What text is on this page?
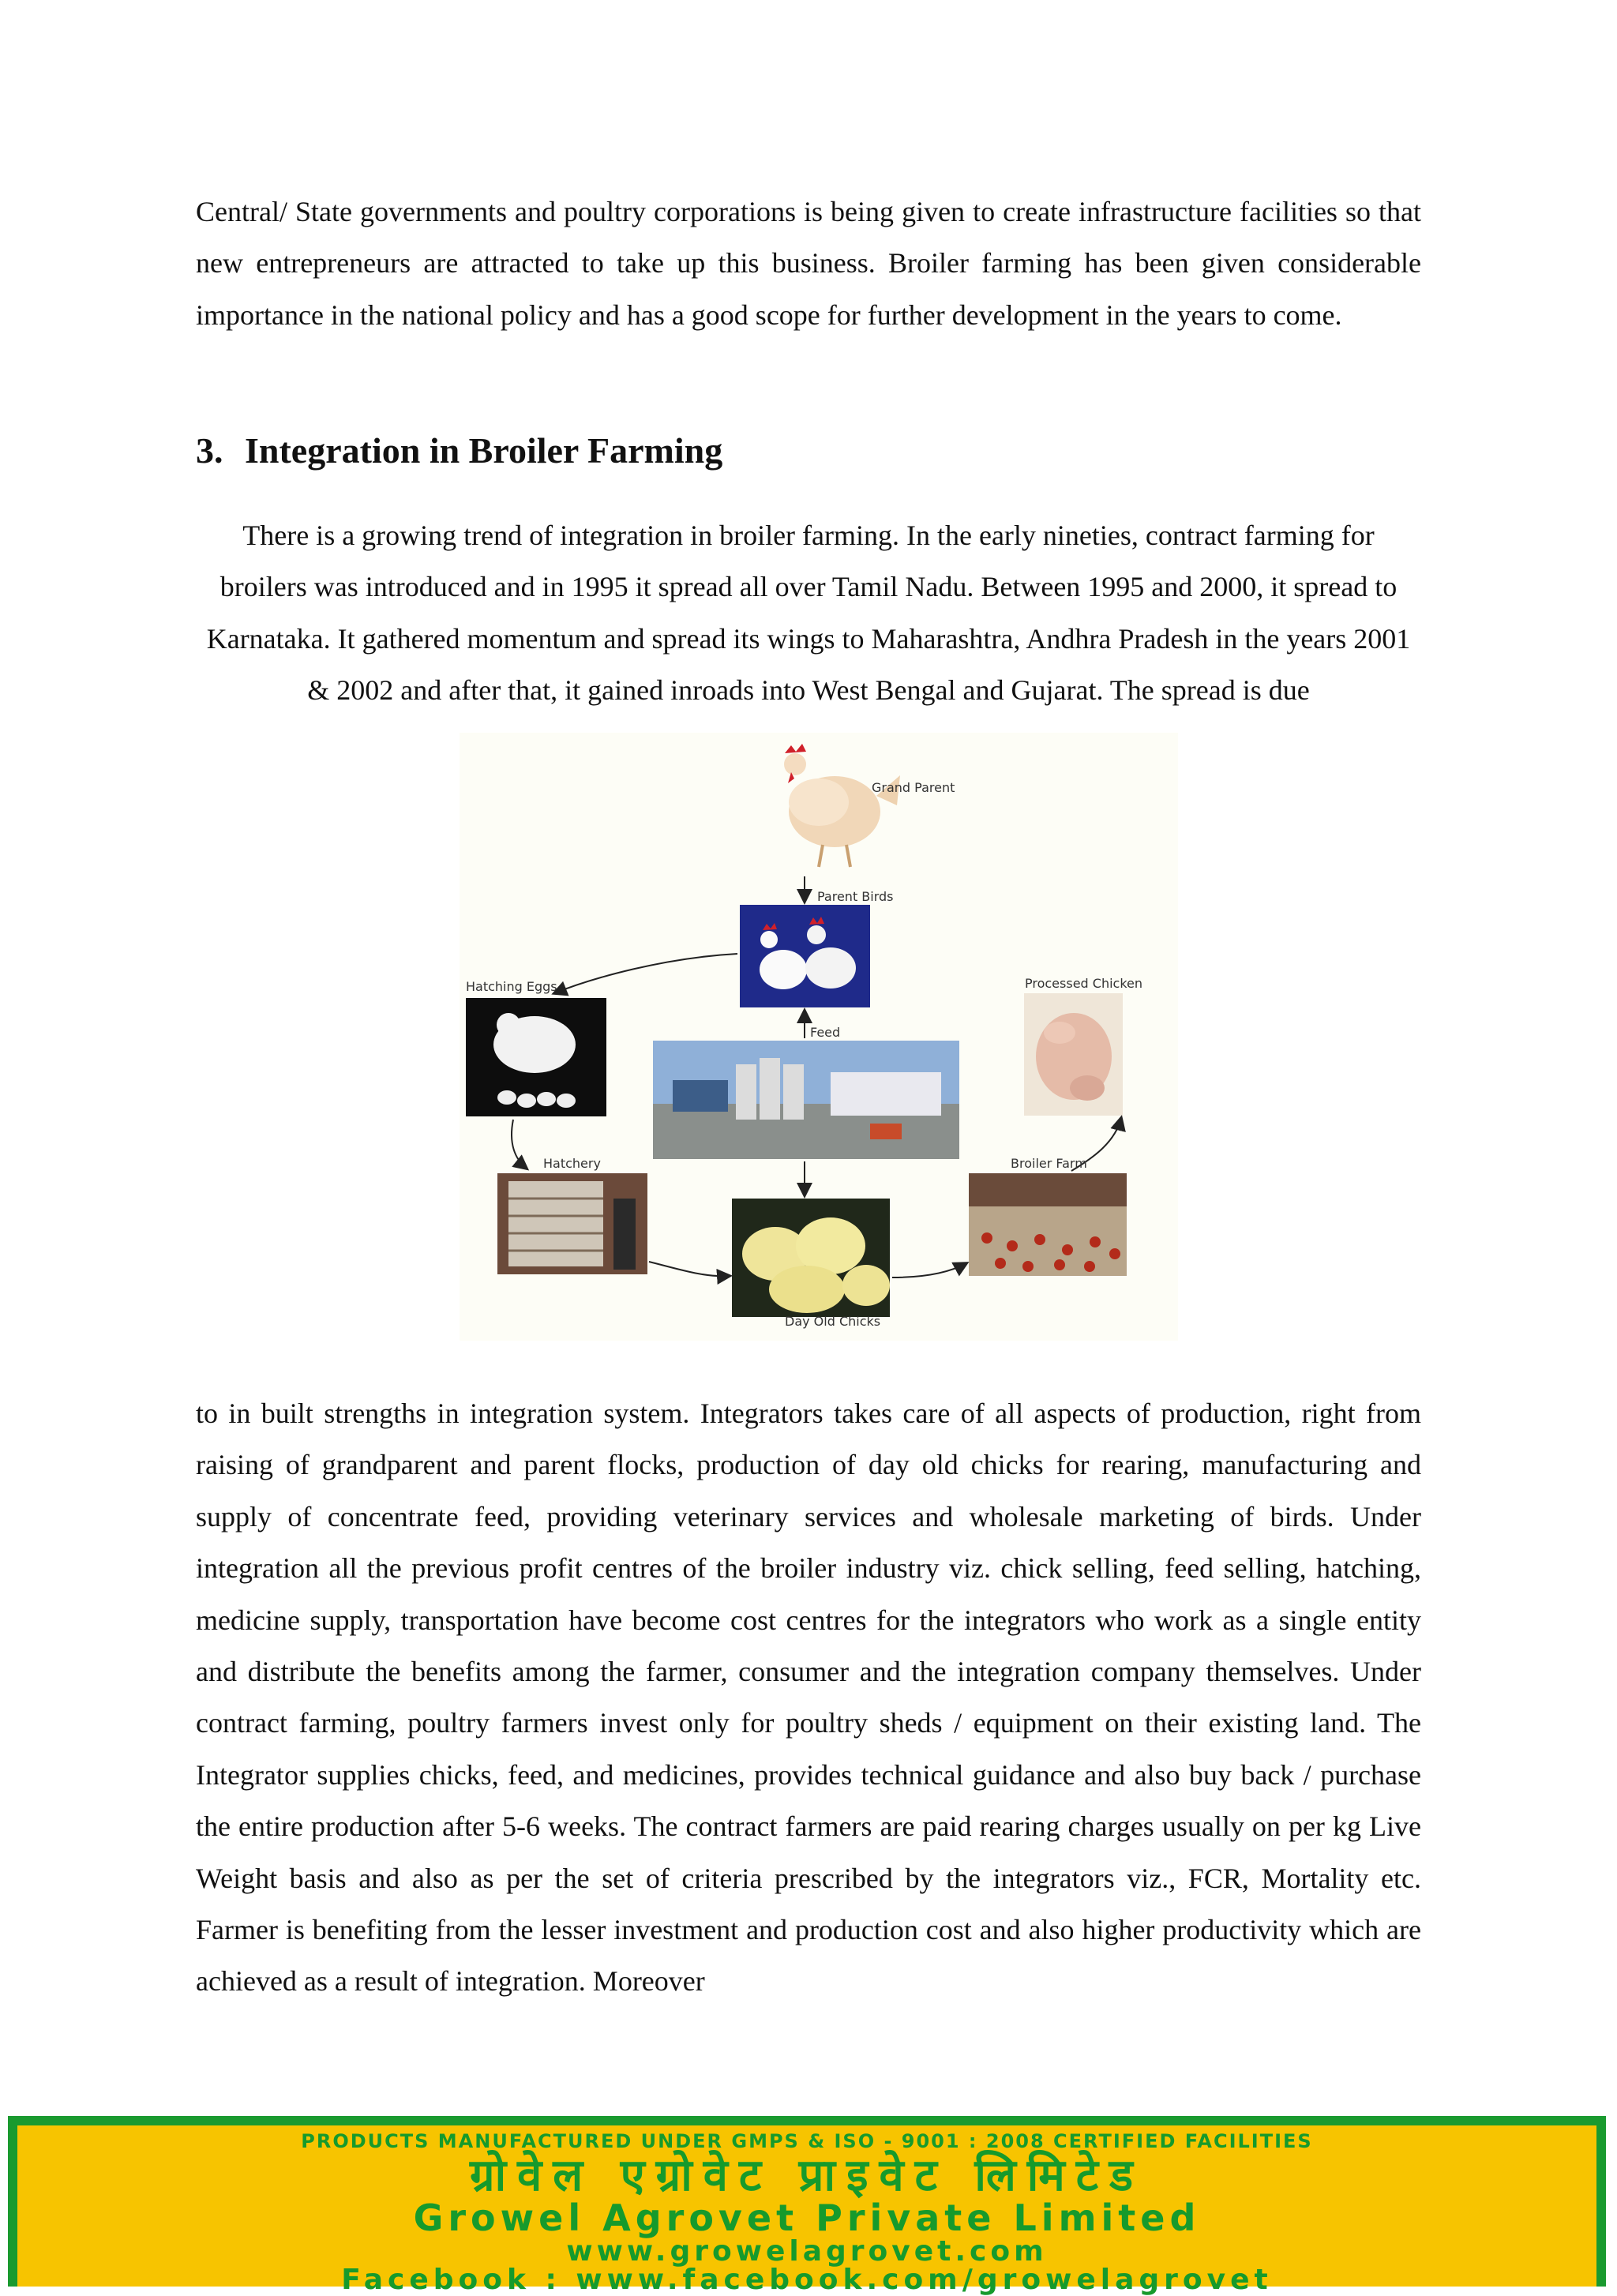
Central/ State governments and poultry corporations is being given to create infrastructure facilities so that new entrepreneurs are attracted to take up this business. Broiler farming has been given considerable importance in the national policy and has a good scope for further development in the years to come.

3. Integration in Broiler Farming

There is a growing trend of integration in broiler farming. In the early nineties, contract farming for broilers was introduced and in 1995 it spread all over Tamil Nadu. Between 1995 and 2000, it spread to Karnataka. It gathered momentum and spread its wings to Maharashtra, Andhra Pradesh in the years 2001 & 2002 and after that, it gained inroads into West Bengal and Gujarat. The spread is due

Grand Parent
Parent Birds
Hatching Eggs	Processed Chicken
Feed
Hatchery	Broiler Farm
Day Old Chicks

to in built strengths in integration system. Integrators takes care of all aspects of production, right from raising of grandparent and parent flocks, production of day old chicks for rearing, manufacturing and supply of concentrate feed, providing veterinary services and wholesale marketing of birds. Under integration all the previous profit centres of the broiler industry viz. chick selling, feed selling, hatching, medicine supply, transportation have become cost centres for the integrators who work as a single entity and distribute the benefits among the farmer, consumer and the integration company themselves. Under contract farming, poultry farmers invest only for poultry sheds / equipment on their existing land. The Integrator supplies chicks, feed, and medicines, provides technical guidance and also buy back / purchase the entire production after 5-6 weeks. The contract farmers are paid rearing charges usually on per kg Live Weight basis and also as per the set of criteria prescribed by the integrators viz., FCR, Mortality etc. Farmer is benefiting from the lesser investment and production cost and also higher productivity which are achieved as a result of integration. Moreover

PRODUCTS MANUFACTURED UNDER GMPS & ISO - 9001 : 2008 CERTIFIED FACILITIES
ग्रोवेल एग्रोवेट प्राइवेट लिमिटेड
Growel Agrovet Private Limited
www.growelagrovet.com
Facebook : www.facebook.com/growelagrovet
